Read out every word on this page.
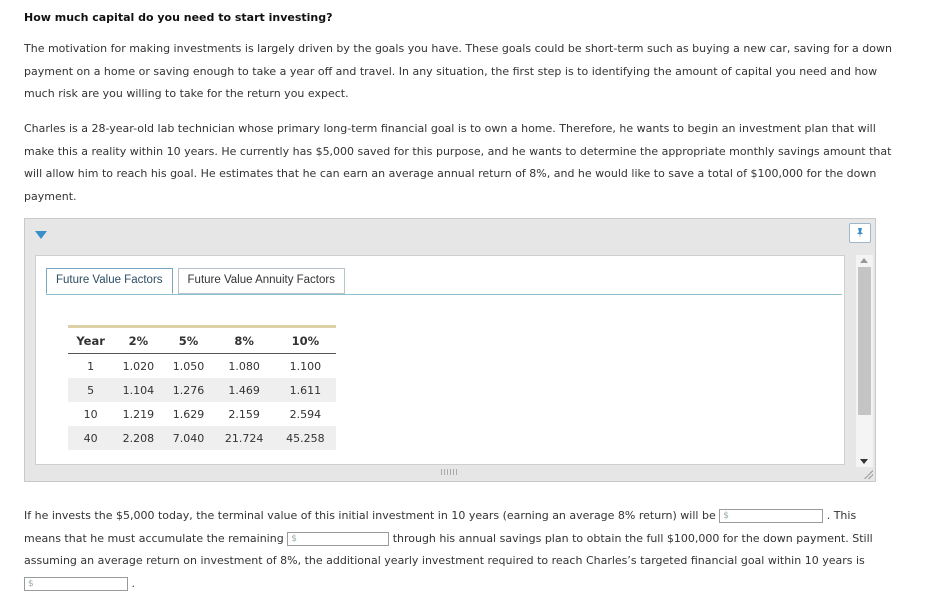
How much capital do you need to start investing?
The motivation for making investments is largely driven by the goals you have. These goals could be short-term such as buying a new car, saving for a down payment on a home or saving enough to take a year off and travel. In any situation, the first step is to identifying the amount of capital you need and how much risk are you willing to take for the return you expect.
Charles is a 28-year-old lab technician whose primary long-term financial goal is to own a home. Therefore, he wants to begin an investment plan that will make this a reality within 10 years. He currently has $5,000 saved for this purpose, and he wants to determine the appropriate monthly savings amount that will allow him to reach his goal. He estimates that he can earn an average annual return of 8%, and he would like to save a total of $100,000 for the down payment.
Future Value Factors	Future Value Annuity Factors
Year	2%	5%	8%	10%
1	1.020	1.050	1.080	1.100
5	1.104	1.276	1.469	1.611
10	1.219	1.629	2.159	2.594
40	2.208	7.040	21.724	45.258
If he invests the $5,000 today, the terminal value of this initial investment in 10 years (earning an average 8% return) will be $	. This means that he must accumulate the remaining $	through his annual savings plan to obtain the full $100,000 for the down payment. Still assuming an average return on investment of 8%, the additional yearly investment required to reach Charles’s targeted financial goal within 10 years is $	.
